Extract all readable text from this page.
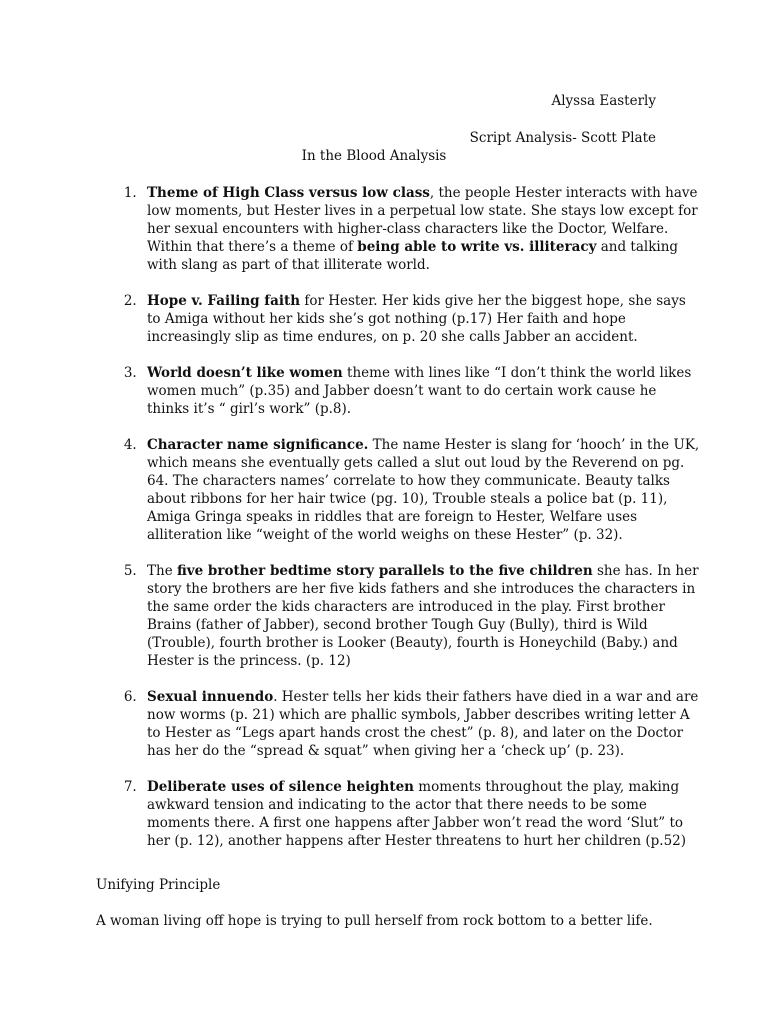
Alyssa Easterly
Script Analysis- Scott Plate
In the Blood Analysis
1. Theme of High Class versus low class, the people Hester interacts with have low moments, but Hester lives in a perpetual low state. She stays low except for her sexual encounters with higher-class characters like the Doctor, Welfare. Within that there’s a theme of being able to write vs. illiteracy and talking with slang as part of that illiterate world.
2. Hope v. Failing faith for Hester. Her kids give her the biggest hope, she says to Amiga without her kids she’s got nothing (p.17) Her faith and hope increasingly slip as time endures, on p. 20 she calls Jabber an accident.
3. World doesn’t like women theme with lines like “I don’t think the world likes women much” (p.35) and Jabber doesn’t want to do certain work cause he thinks it’s “ girl’s work” (p.8).
4. Character name significance. The name Hester is slang for ‘hooch’ in the UK, which means she eventually gets called a slut out loud by the Reverend on pg. 64. The characters names’ correlate to how they communicate. Beauty talks about ribbons for her hair twice (pg. 10), Trouble steals a police bat (p. 11), Amiga Gringa speaks in riddles that are foreign to Hester, Welfare uses alliteration like “weight of the world weighs on these Hester” (p. 32).
5. The five brother bedtime story parallels to the five children she has. In her story the brothers are her five kids fathers and she introduces the characters in the same order the kids characters are introduced in the play. First brother Brains (father of Jabber), second brother Tough Guy (Bully), third is Wild (Trouble), fourth brother is Looker (Beauty), fourth is Honeychild (Baby.) and Hester is the princess. (p. 12)
6. Sexual innuendo. Hester tells her kids their fathers have died in a war and are now worms (p. 21) which are phallic symbols, Jabber describes writing letter A to Hester as “Legs apart hands crost the chest” (p. 8), and later on the Doctor has her do the “spread & squat” when giving her a ‘check up’ (p. 23).
7. Deliberate uses of silence heighten moments throughout the play, making awkward tension and indicating to the actor that there needs to be some moments there. A first one happens after Jabber won’t read the word ‘Slut” to her (p. 12), another happens after Hester threatens to hurt her children (p.52)
Unifying Principle
A woman living off hope is trying to pull herself from rock bottom to a better life.
